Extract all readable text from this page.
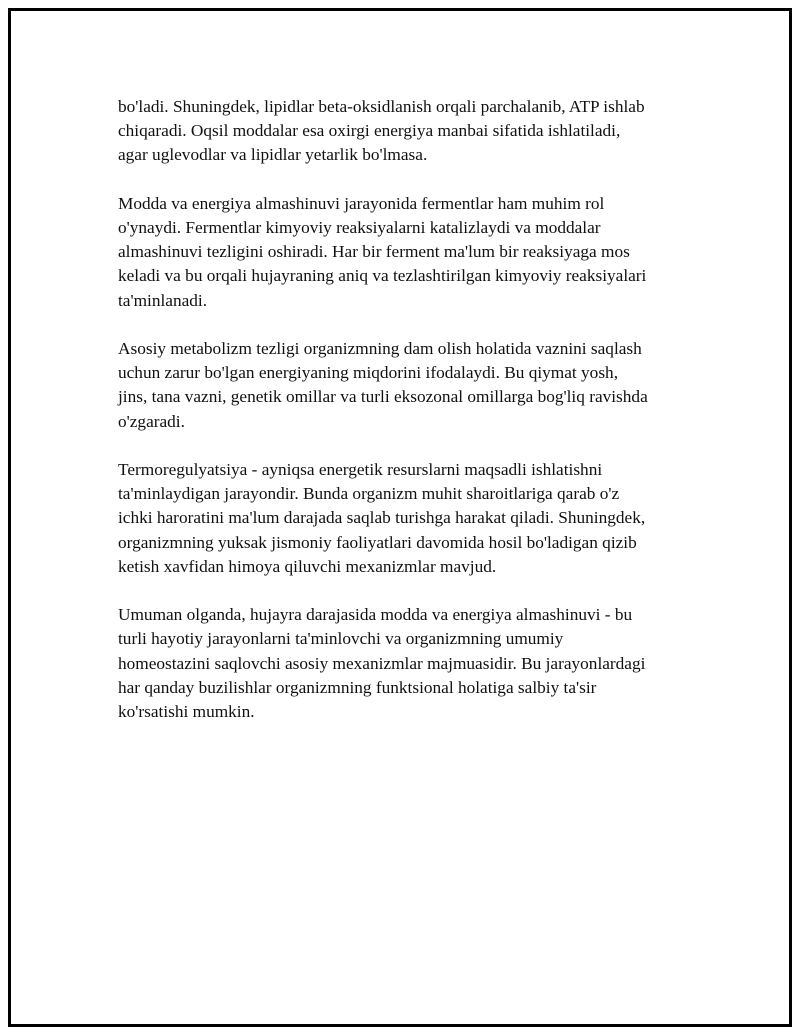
bo'ladi. Shuningdek, lipidlar beta-oksidlanish orqali parchalanib, ATP ishlab
chiqaradi. Oqsil moddalar esa oxirgi energiya manbai sifatida ishlatiladi,
agar uglevodlar va lipidlar yetarlik bo'lmasa.

Modda va energiya almashinuvi jarayonida fermentlar ham muhim rol
o'ynaydi. Fermentlar kimyoviy reaksiyalarni katalizlaydi va moddalar
almashinuvi tezligini oshiradi. Har bir ferment ma'lum bir reaksiyaga mos
keladi va bu orqali hujayraning aniq va tezlashtirilgan kimyoviy reaksiyalari
ta'minlanadi.

Asosiy metabolizm tezligi organizmning dam olish holatida vaznini saqlash
uchun zarur bo'lgan energiyaning miqdorini ifodalaydi. Bu qiymat yosh,
jins, tana vazni, genetik omillar va turli eksozonal omillarga bog'liq ravishda
o'zgaradi.

Termoregulyatsiya - ayniqsa energetik resurslarni maqsadli ishlatishni
ta'minlaydigan jarayondir. Bunda organizm muhit sharoitlariga qarab o'z
ichki haroratini ma'lum darajada saqlab turishga harakat qiladi. Shuningdek,
organizmning yuksak jismoniy faoliyatlari davomida hosil bo'ladigan qizib
ketish xavfidan himoya qiluvchi mexanizmlar mavjud.

Umuman olganda, hujayra darajasida modda va energiya almashinuvi - bu
turli hayotiy jarayonlarni ta'minlovchi va organizmning umumiy
homeostazini saqlovchi asosiy mexanizmlar majmuasidir. Bu jarayonlardagi
har qanday buzilishlar organizmning funktsional holatiga salbiy ta'sir
ko'rsatishi mumkin.
